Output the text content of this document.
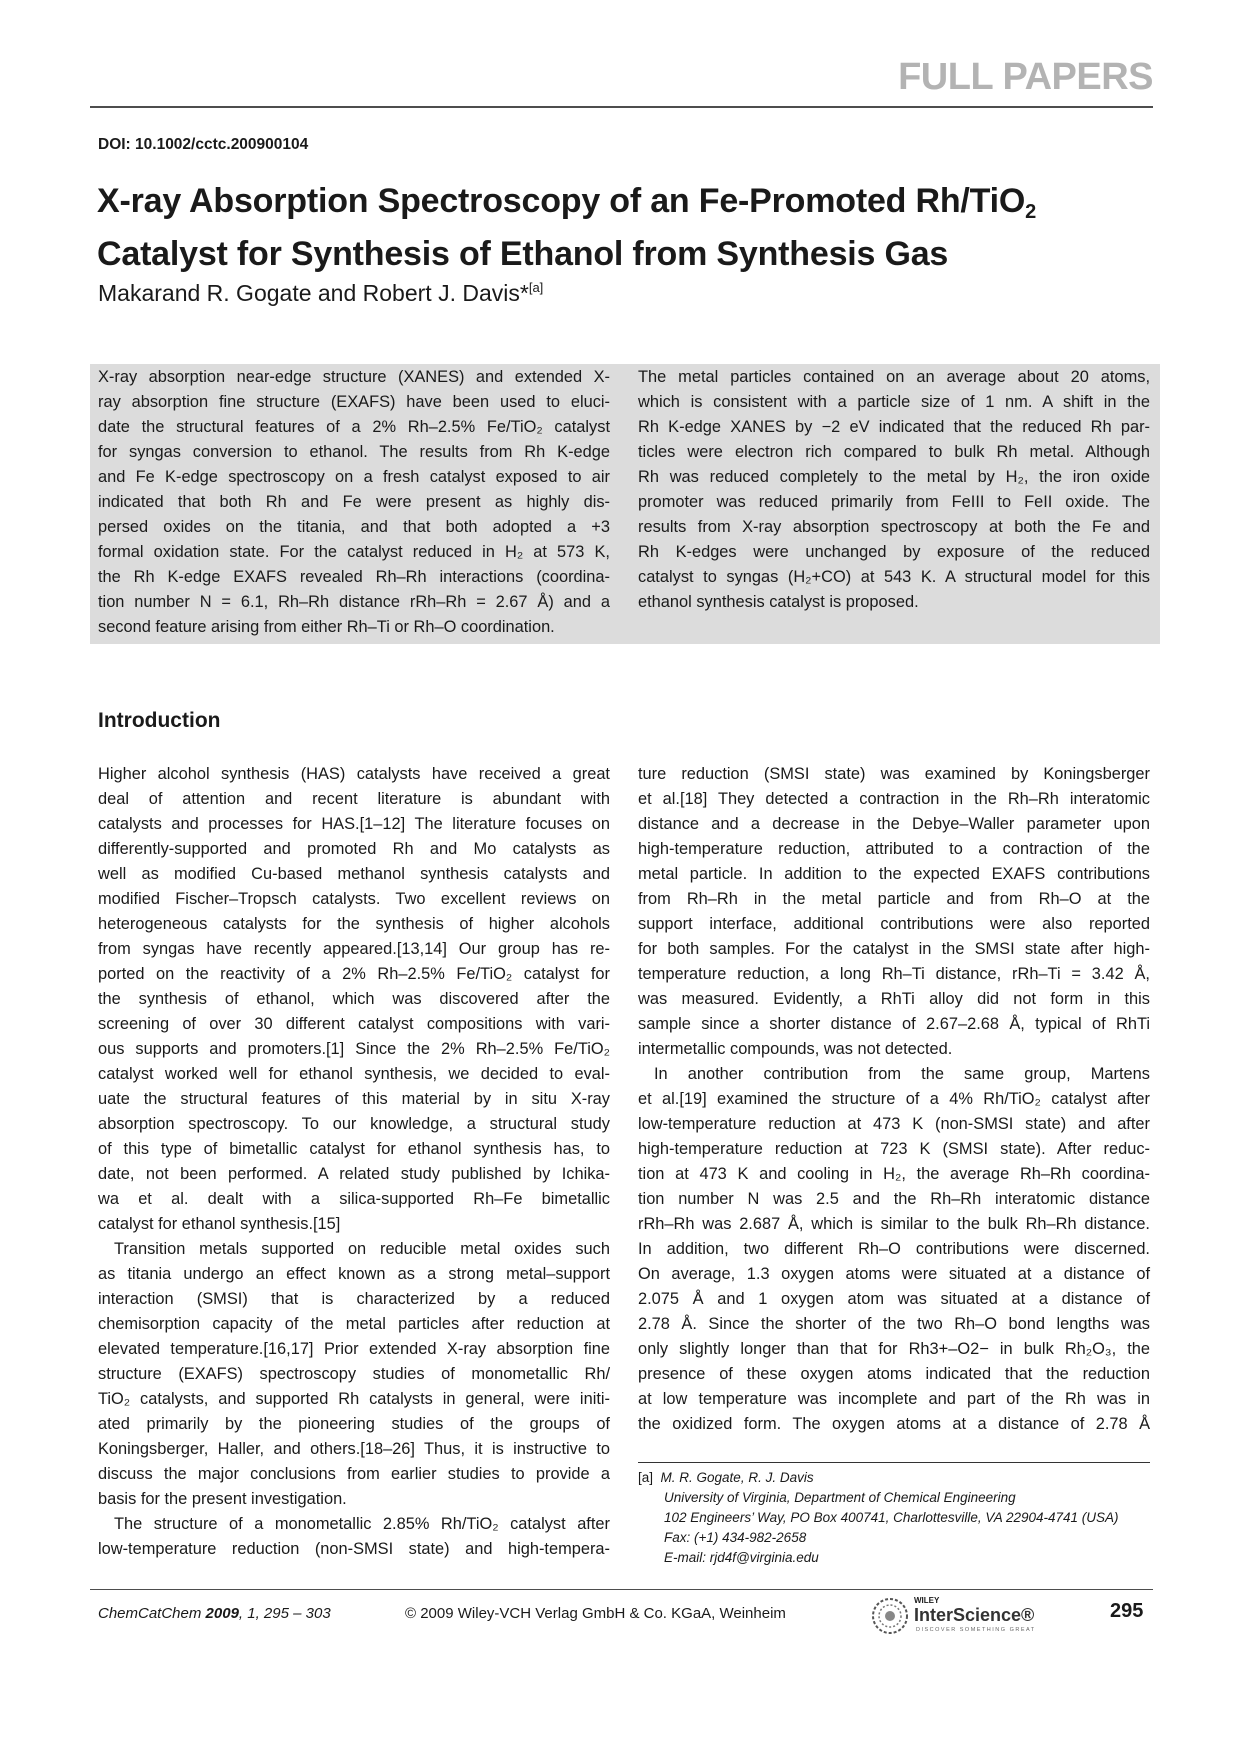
FULL PAPERS
DOI: 10.1002/cctc.200900104
X-ray Absorption Spectroscopy of an Fe-Promoted Rh/TiO$_2$
Catalyst for Synthesis of Ethanol from Synthesis Gas
Makarand R. Gogate and Robert J. Davis*[a]
X-ray absorption near-edge structure (XANES) and extended X-
ray absorption fine structure (EXAFS) have been used to eluci-
date the structural features of a 2% Rh–2.5% Fe/TiO₂ catalyst
for syngas conversion to ethanol. The results from Rh K-edge
and Fe K-edge spectroscopy on a fresh catalyst exposed to air
indicated that both Rh and Fe were present as highly dis-
persed oxides on the titania, and that both adopted a +3
formal oxidation state. For the catalyst reduced in H₂ at 573 K,
the Rh K-edge EXAFS revealed Rh–Rh interactions (coordina-
tion number N = 6.1, Rh–Rh distance rRh–Rh = 2.67 Å) and a
second feature arising from either Rh–Ti or Rh–O coordination.
The metal particles contained on an average about 20 atoms,
which is consistent with a particle size of 1 nm. A shift in the
Rh K-edge XANES by −2 eV indicated that the reduced Rh par-
ticles were electron rich compared to bulk Rh metal. Although
Rh was reduced completely to the metal by H₂, the iron oxide
promoter was reduced primarily from FeIII to FeII oxide. The
results from X-ray absorption spectroscopy at both the Fe and
Rh K-edges were unchanged by exposure of the reduced
catalyst to syngas (H₂+CO) at 543 K. A structural model for this
ethanol synthesis catalyst is proposed.
Introduction
Higher alcohol synthesis (HAS) catalysts have received a great
deal of attention and recent literature is abundant with
catalysts and processes for HAS.[1–12] The literature focuses on
differently-supported and promoted Rh and Mo catalysts as
well as modified Cu-based methanol synthesis catalysts and
modified Fischer–Tropsch catalysts. Two excellent reviews on
heterogeneous catalysts for the synthesis of higher alcohols
from syngas have recently appeared.[13,14] Our group has re-
ported on the reactivity of a 2% Rh–2.5% Fe/TiO₂ catalyst for
the synthesis of ethanol, which was discovered after the
screening of over 30 different catalyst compositions with vari-
ous supports and promoters.[1] Since the 2% Rh–2.5% Fe/TiO₂
catalyst worked well for ethanol synthesis, we decided to eval-
uate the structural features of this material by in situ X-ray
absorption spectroscopy. To our knowledge, a structural study
of this type of bimetallic catalyst for ethanol synthesis has, to
date, not been performed. A related study published by Ichika-
wa et al. dealt with a silica-supported Rh–Fe bimetallic
catalyst for ethanol synthesis.[15]
Transition metals supported on reducible metal oxides such
as titania undergo an effect known as a strong metal–support
interaction (SMSI) that is characterized by a reduced
chemisorption capacity of the metal particles after reduction at
elevated temperature.[16,17] Prior extended X-ray absorption fine
structure (EXAFS) spectroscopy studies of monometallic Rh/
TiO₂ catalysts, and supported Rh catalysts in general, were initi-
ated primarily by the pioneering studies of the groups of
Koningsberger, Haller, and others.[18–26] Thus, it is instructive to
discuss the major conclusions from earlier studies to provide a
basis for the present investigation.
The structure of a monometallic 2.85% Rh/TiO₂ catalyst after
low-temperature reduction (non-SMSI state) and high-tempera-
ture reduction (SMSI state) was examined by Koningsberger
et al.[18] They detected a contraction in the Rh–Rh interatomic
distance and a decrease in the Debye–Waller parameter upon
high-temperature reduction, attributed to a contraction of the
metal particle. In addition to the expected EXAFS contributions
from Rh–Rh in the metal particle and from Rh–O at the
support interface, additional contributions were also reported
for both samples. For the catalyst in the SMSI state after high-
temperature reduction, a long Rh–Ti distance, rRh–Ti = 3.42 Å,
was measured. Evidently, a RhTi alloy did not form in this
sample since a shorter distance of 2.67–2.68 Å, typical of RhTi
intermetallic compounds, was not detected.
In another contribution from the same group, Martens
et al.[19] examined the structure of a 4% Rh/TiO₂ catalyst after
low-temperature reduction at 473 K (non-SMSI state) and after
high-temperature reduction at 723 K (SMSI state). After reduc-
tion at 473 K and cooling in H₂, the average Rh–Rh coordina-
tion number N was 2.5 and the Rh–Rh interatomic distance
rRh–Rh was 2.687 Å, which is similar to the bulk Rh–Rh distance.
In addition, two different Rh–O contributions were discerned.
On average, 1.3 oxygen atoms were situated at a distance of
2.075 Å and 1 oxygen atom was situated at a distance of
2.78 Å. Since the shorter of the two Rh–O bond lengths was
only slightly longer than that for Rh3+–O2− in bulk Rh₂O₃, the
presence of these oxygen atoms indicated that the reduction
at low temperature was incomplete and part of the Rh was in
the oxidized form. The oxygen atoms at a distance of 2.78 Å
[a] M. R. Gogate, R. J. Davis
University of Virginia, Department of Chemical Engineering
102 Engineers’ Way, PO Box 400741, Charlottesville, VA 22904-4741 (USA)
Fax: (+1) 434-982-2658
E-mail: rjd4f@virginia.edu
ChemCatChem 2009, 1, 295 – 303	© 2009 Wiley-VCH Verlag GmbH & Co. KGaA, Weinheim
WILEY
InterScience®
DISCOVER SOMETHING GREAT
295
